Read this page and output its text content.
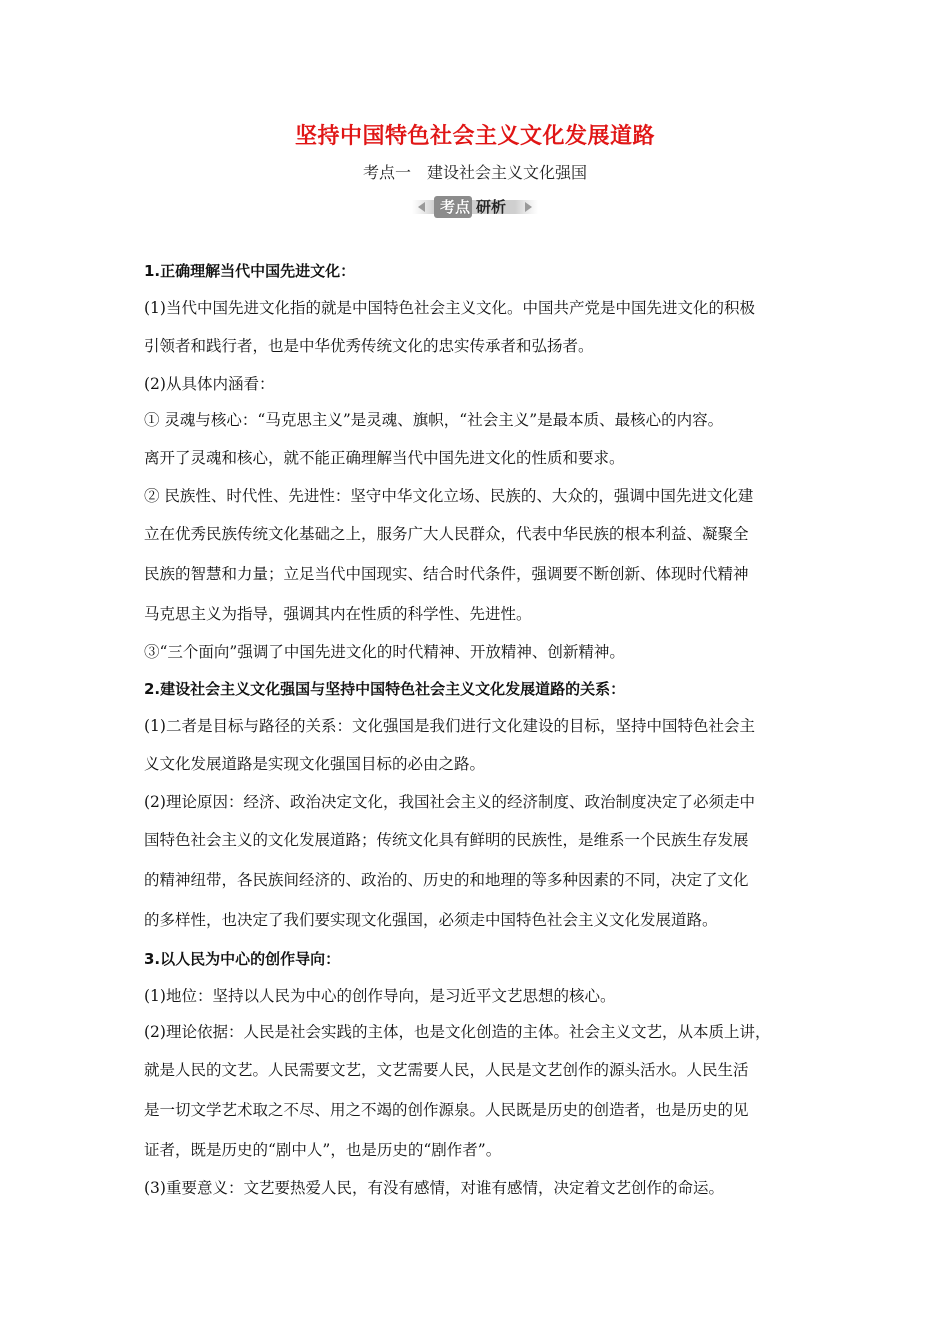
坚持中国特色社会主义文化发展道路
考点一　建设社会主义文化强国
考点 研析

1.正确理解当代中国先进文化：

(1)当代中国先进文化指的就是中国特色社会主义文化。中国共产党是中国先进文化的积极

引领者和践行者，也是中华优秀传统文化的忠实传承者和弘扬者。

(2)从具体内涵看：

① 灵魂与核心：“马克思主义”是灵魂、旗帜，“社会主义”是最本质、最核心的内容。

离开了灵魂和核心，就不能正确理解当代中国先进文化的性质和要求。

② 民族性、时代性、先进性：坚守中华文化立场、民族的、大众的，强调中国先进文化建

立在优秀民族传统文化基础之上，服务广大人民群众，代表中华民族的根本利益、凝聚全

民族的智慧和力量；立足当代中国现实、结合时代条件，强调要不断创新、体现时代精神

马克思主义为指导，强调其内在性质的科学性、先进性。

③“三个面向”强调了中国先进文化的时代精神、开放精神、创新精神。

2.建设社会主义文化强国与坚持中国特色社会主义文化发展道路的关系：

(1)二者是目标与路径的关系：文化强国是我们进行文化建设的目标，坚持中国特色社会主

义文化发展道路是实现文化强国目标的必由之路。

(2)理论原因：经济、政治决定文化，我国社会主义的经济制度、政治制度决定了必须走中

国特色社会主义的文化发展道路；传统文化具有鲜明的民族性，是维系一个民族生存发展

的精神纽带，各民族间经济的、政治的、历史的和地理的等多种因素的不同，决定了文化

的多样性，也决定了我们要实现文化强国，必须走中国特色社会主义文化发展道路。

3.以人民为中心的创作导向：

(1)地位：坚持以人民为中心的创作导向，是习近平文艺思想的核心。

(2)理论依据：人民是社会实践的主体，也是文化创造的主体。社会主义文艺，从本质上讲，

就是人民的文艺。人民需要文艺，文艺需要人民，人民是文艺创作的源头活水。人民生活

是一切文学艺术取之不尽、用之不竭的创作源泉。人民既是历史的创造者，也是历史的见

证者，既是历史的“剧中人”，也是历史的“剧作者”。

(3)重要意义：文艺要热爱人民，有没有感情，对谁有感情，决定着文艺创作的命运。
